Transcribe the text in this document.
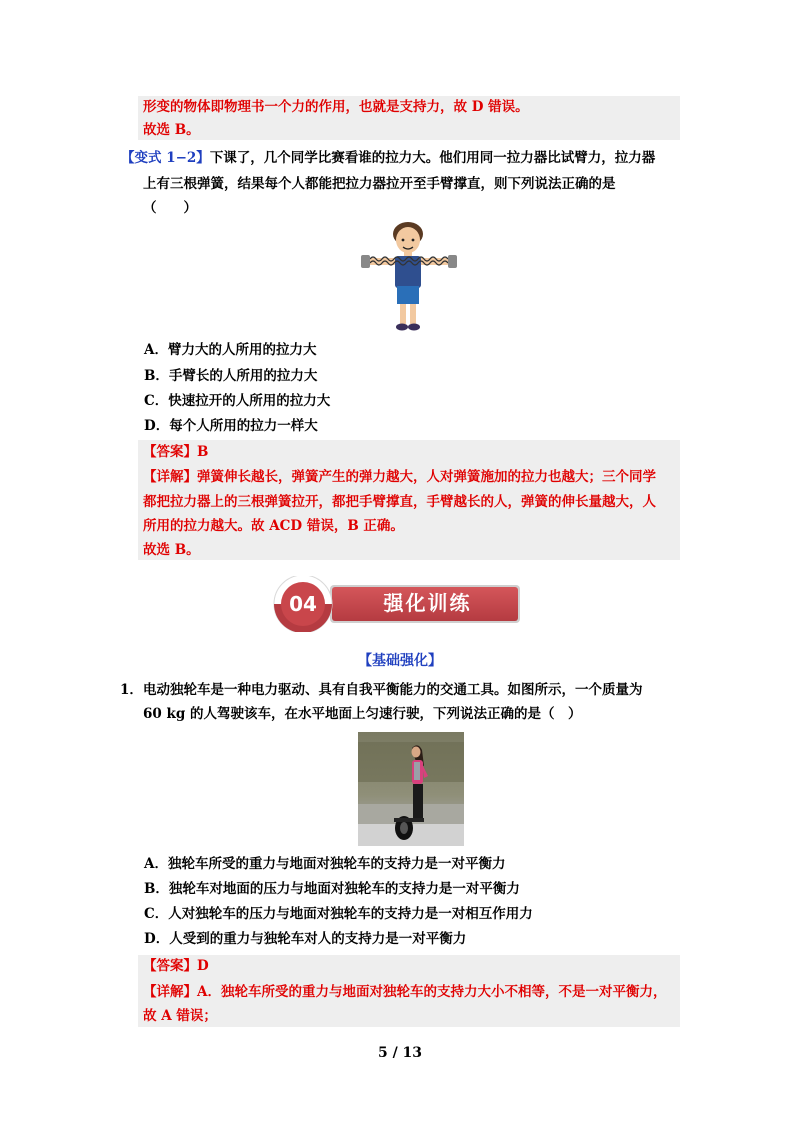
形变的物体即物理书一个力的作用，也就是支持力，故 D 错误。
故选 B。
【变式 1−2】下课了，几个同学比赛看谁的拉力大。他们用同一拉力器比试臂力，拉力器
上有三根弹簧，结果每个人都能把拉力器拉开至手臂撑直，则下列说法正确的是
（　　）
A．臂力大的人所用的拉力大
B．手臂长的人所用的拉力大
C．快速拉开的人所用的拉力大
D．每个人所用的拉力一样大
【答案】B
【详解】弹簧伸长越长，弹簧产生的弹力越大，人对弹簧施加的拉力也越大；三个同学
都把拉力器上的三根弹簧拉开，都把手臂撑直，手臂越长的人，弹簧的伸长量越大，人
所用的拉力越大。故 ACD 错误，B 正确。
故选 B。
04	强化训练
【基础强化】
1． 电动独轮车是一种电力驱动、具有自我平衡能力的交通工具。如图所示，一个质量为
60 kg 的人驾驶该车，在水平地面上匀速行驶，下列说法正确的是（　）
A．独轮车所受的重力与地面对独轮车的支持力是一对平衡力
B．独轮车对地面的压力与地面对独轮车的支持力是一对平衡力
C．人对独轮车的压力与地面对独轮车的支持力是一对相互作用力
D．人受到的重力与独轮车对人的支持力是一对平衡力
【答案】D
【详解】A．独轮车所受的重力与地面对独轮车的支持力大小不相等，不是一对平衡力，
故 A 错误；
5 / 13
